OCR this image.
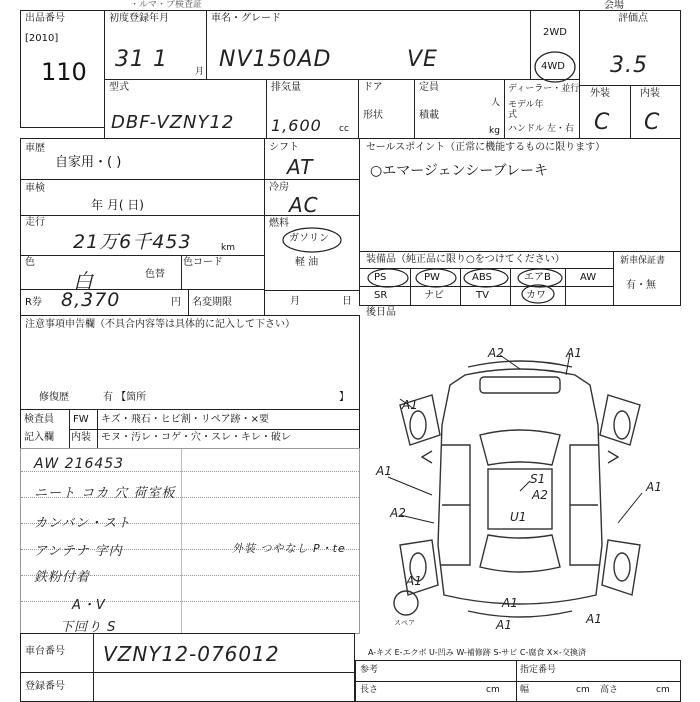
・ルマ・プ検査証	会場
出品番号
[2010]
110
初度登録年月
31 1	月
車名・グレード
NV150AD	VE
2WD
4WD
評価点
3.5
型式
DBF-VZNY12
排気量
1,600 cc
ドア
形状
定員
人
積載
kg
ディーラー・並行
モデル年式
ハンドル 左・右
外装	内装
C C
車歴
自家用・( )
車検
年 月( 日)
走行
21万6千453	km
色
白	色替
色コード
R券 8,370	円 名変期限	月	日
シフト
AT
冷房
AC
燃料
ガソリン
軽 油
セールスポイント（正常に機能するものに限ります）
○エマージェンシーブレーキ
装備品（純正品に限り○をつけてください）	新車保証書
有・無
PS	PW	ABS	エアB	AW
SR	ナビ	TV	カワ
後日品
注意事項申告欄（不具合内容等は具体的に記入して下さい）
修復歴	有 【箇所	】
検査員
記入欄
FW キズ・飛石・ヒビ割・リペア跡・×要
内装 モヌ・汚レ・コゲ・穴・スレ・キレ・破レ
AW 216453
ニート コカ 穴 荷室板
カンバン・スト
アンテナ 字内
鉄粉付着
A・V
下回り S
外装 つやなし P・te
A2	A1
A1
A1
A1
A1
A2
S1
A2
U1
A1	A1
A1
スペア
車台番号 VZNY12-076012
登録番号
A-キズ E-エクボ U-凹み W-補修跡 S-サビ C-腐食 X×-交換済
参考	指定番号
長さ	cm 幅	cm 高さ	cm
